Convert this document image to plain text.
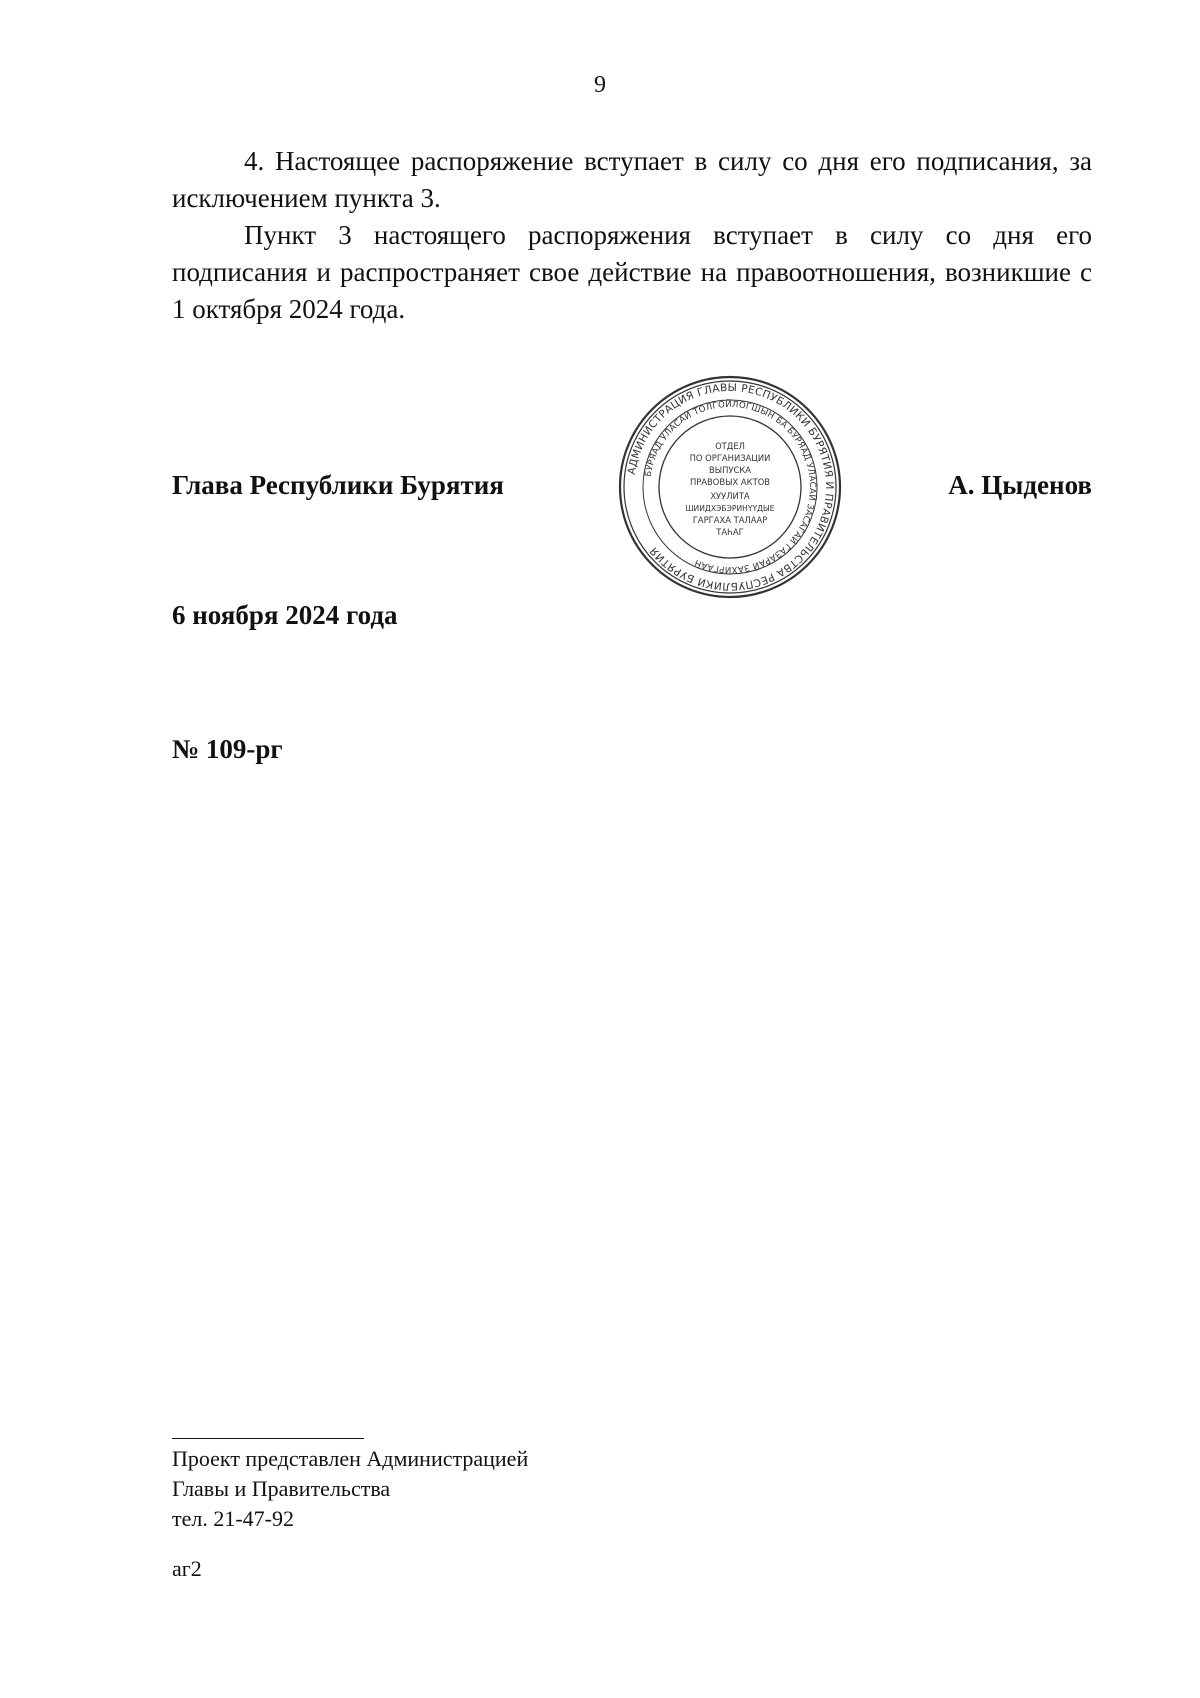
9

4. Настоящее распоряжение вступает в силу со дня его подписания, за исключением пункта 3.

Пункт 3 настоящего распоряжения вступает в силу со дня его подписания и распространяет свое действие на правоотношения, возникшие с 1 октября 2024 года.

Глава Республики Бурятия	А. Цыденов
АДМИНИСТРАЦИЯ ГЛАВЫ РЕСПУБЛИКИ БУРЯТИЯ И ПРАВИТЕЛЬСТВА РЕСПУБЛИКИ БУРЯТИЯ
БУРЯАД УЛАСАЙ ТОЛГОЙЛОГШЫН БА БУРЯАД УЛАСАЙ ЗАСАГАЙ ГАЗАРАЙ ЗАХИРГААН
ОТДЕЛ
ПО ОРГАНИЗАЦИИ
ВЫПУСКА
ПРАВОВЫХ АКТОВ
ХУУЛИТА
ШИИДХЭБЭРИНҮҮДЫЕ
ГАРГАХА ТАЛААР
ТАҺАГ
6 ноября 2024 года
№ 109-рг
Проект представлен Администрацией
Главы и Правительства
тел. 21-47-92
аг2
